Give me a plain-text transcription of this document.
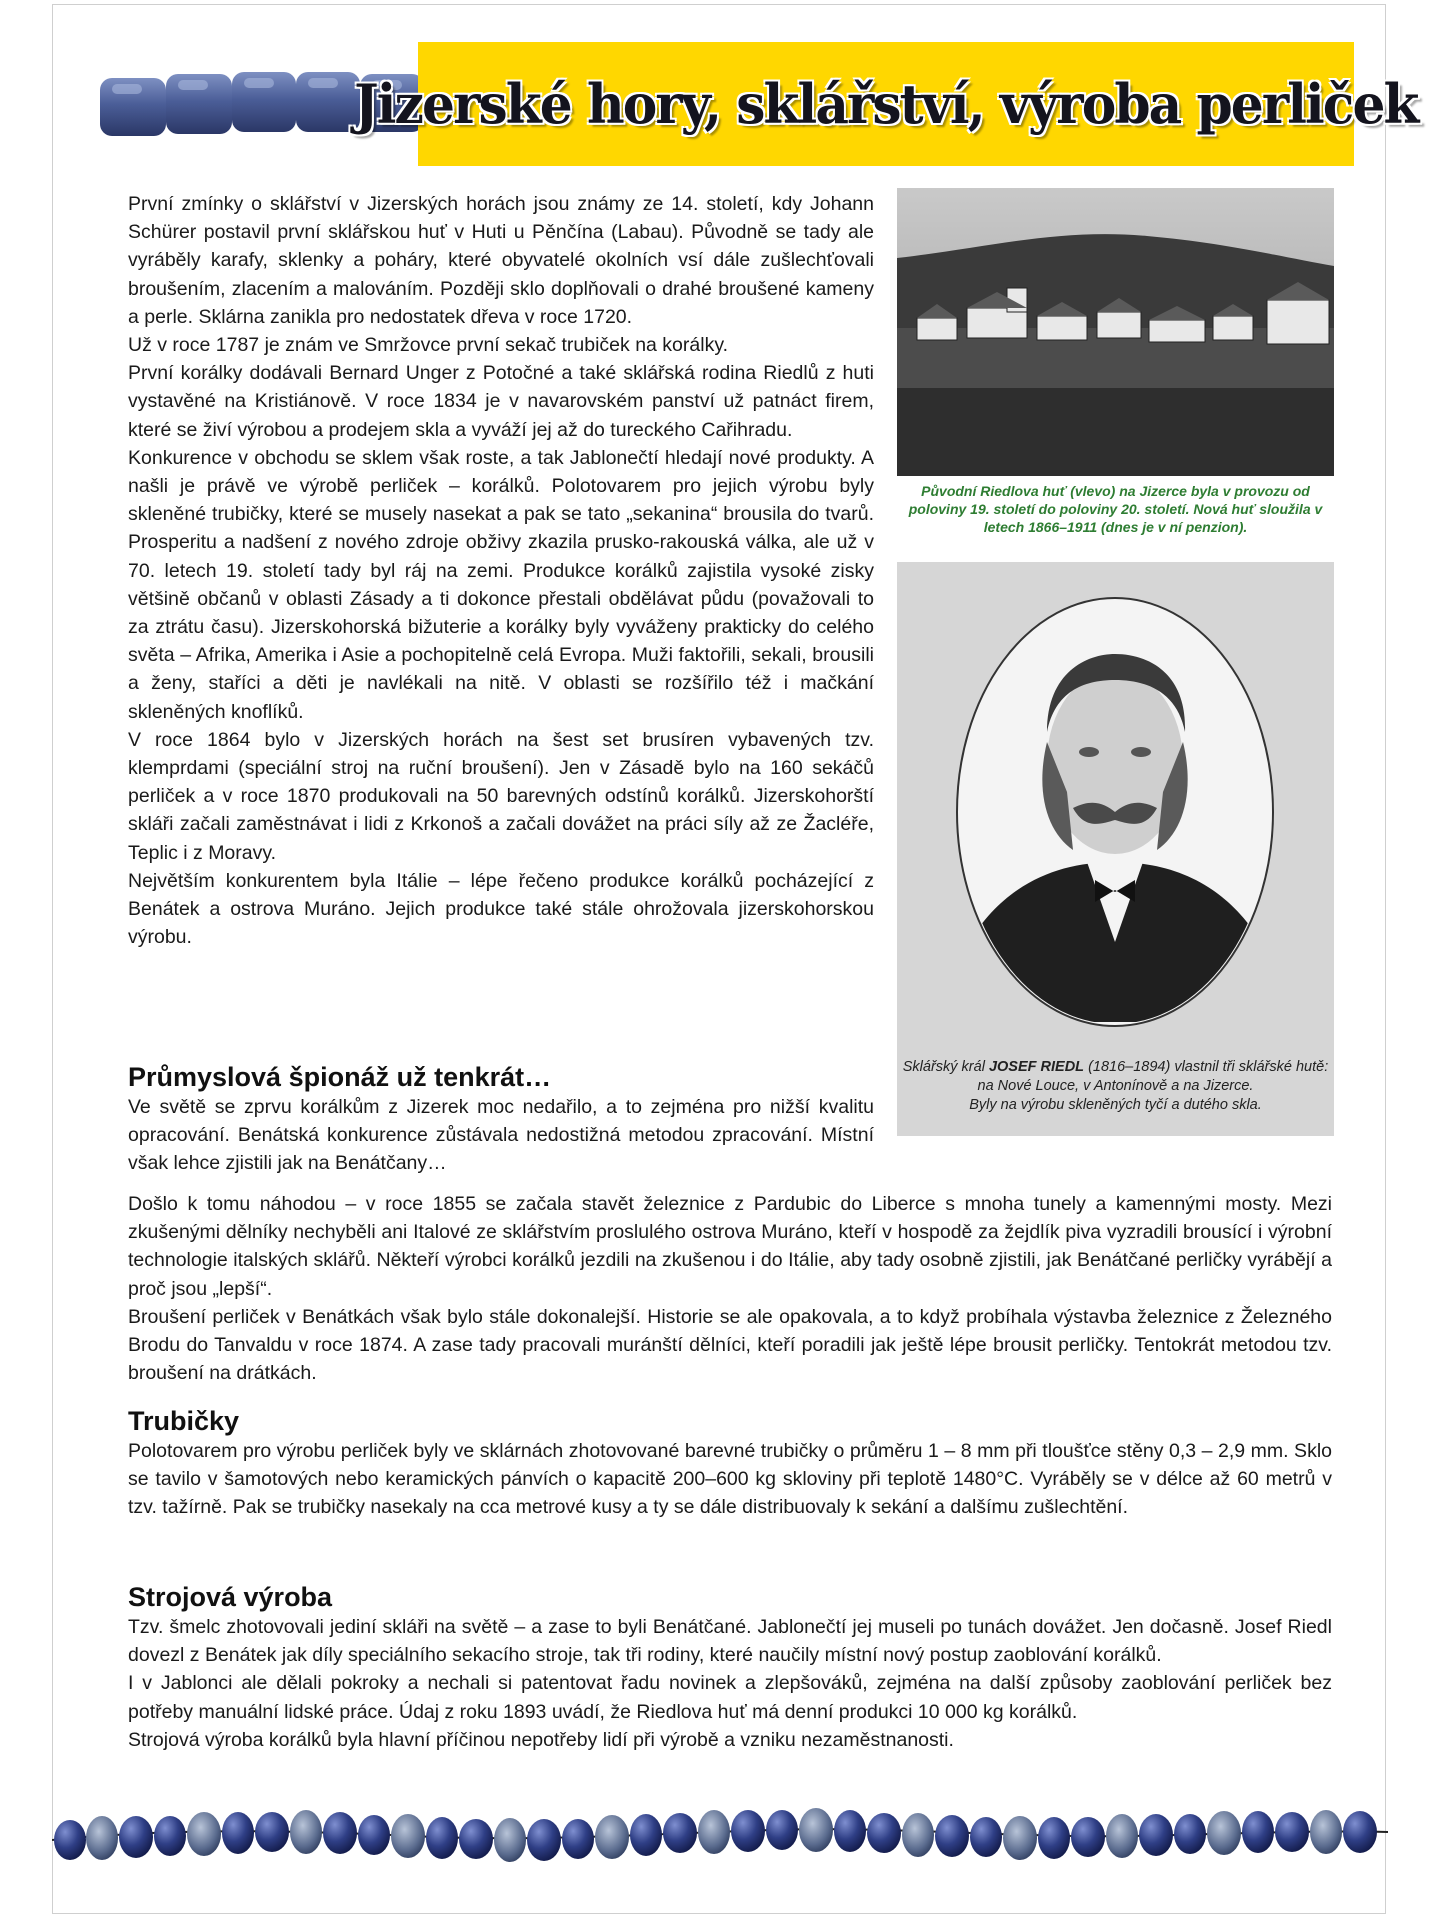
Jizerské hory, sklářství, výroba perliček

První zmínky o sklářství v Jizerských horách jsou známy ze 14. století, kdy Johann Schürer postavil první sklářskou huť v Huti u Pěnčína (Labau). Původně se tady ale vyráběly karafy, sklenky a poháry, které obyvatelé okolních vsí dále zušlechťovali broušením, zlacením a malováním. Později sklo doplňovali o drahé broušené kameny a perle. Sklárna zanikla pro nedostatek dřeva v roce 1720.

Už v roce 1787 je znám ve Smržovce první sekač trubiček na korálky.

První korálky dodávali Bernard Unger z Potočné a také sklářská rodina Riedlů z huti vystavěné na Kristiánově. V roce 1834 je v navarovském panství už patnáct firem, které se živí výrobou a prodejem skla a vyváží jej až do tureckého Cařihradu.

Konkurence v obchodu se sklem však roste, a tak Jablonečtí hledají nové produkty. A našli je právě ve výrobě perliček – korálků. Polotovarem pro jejich výrobu byly skleněné trubičky, které se musely nasekat a pak se tato „sekanina“ brousila do tvarů. Prosperitu a nadšení z nového zdroje obživy zkazila prusko-rakouská válka, ale už v 70. letech 19. století tady byl ráj na zemi. Produkce korálků zajistila vysoké zisky většině občanů v oblasti Zásady a ti dokonce přestali obdělávat půdu (považovali to za ztrátu času). Jizerskohorská bižuterie a korálky byly vyváženy prakticky do celého světa – Afrika, Amerika i Asie a pochopitelně celá Evropa. Muži faktořili, sekali, brousili a ženy, staříci a děti je navlékali na nitě. V oblasti se rozšířilo též i mačkání skleněných knoflíků.

V roce 1864 bylo v Jizerských horách na šest set brusíren vybavených tzv. klemprdami (speciální stroj na ruční broušení). Jen v Zásadě bylo na 160 sekáčů perliček a v roce 1870 produkovali na 50 barevných odstínů korálků. Jizerskohorští skláři začali zaměstnávat i lidi z Krkonoš a začali dovážet na práci síly až ze Žacléře, Teplic i z Moravy.

Největším konkurentem byla Itálie – lépe řečeno produkce korálků pocházející z Benátek a ostrova Muráno. Jejich produkce také stále ohrožovala jizerskohorskou výrobu.

Průmyslová špionáž už tenkrát…

Ve světě se zprvu korálkům z Jizerek moc nedařilo, a to zejména pro nižší kvalitu opracování. Benátská konkurence zůstávala nedostižná metodou zpracování. Místní však lehce zjistili jak na Benátčany…

Došlo k tomu náhodou – v roce 1855 se začala stavět železnice z Pardubic do Liberce s mnoha tunely a kamennými mosty. Mezi zkušenými dělníky nechyběli ani Italové ze sklářstvím proslulého ostrova Muráno, kteří v hospodě za žejdlík piva vyzradili brousící i výrobní technologie italských sklářů. Někteří výrobci korálků jezdili na zkušenou i do Itálie, aby tady osobně zjistili, jak Benátčané perličky vyrábějí a proč jsou „lepší“.

Broušení perliček v Benátkách však bylo stále dokonalejší. Historie se ale opakovala, a to když probíhala výstavba železnice z Železného Brodu do Tanvaldu v roce 1874. A zase tady pracovali muránští dělníci, kteří poradili jak ještě lépe brousit perličky. Tentokrát metodou tzv. broušení na drátkách.

Trubičky

Polotovarem pro výrobu perliček byly ve sklárnách zhotovované barevné trubičky o průměru 1 – 8 mm při tloušťce stěny 0,3 – 2,9 mm. Sklo se tavilo v šamotových nebo keramických pánvích o kapacitě 200–600 kg skloviny při teplotě 1480°C. Vyráběly se v délce až 60 metrů v tzv. tažírně. Pak se trubičky nasekaly na cca metrové kusy a ty se dále distribuovaly k sekání a dalšímu zušlechtění.

Strojová výroba

Tzv. šmelc zhotovovali jediní skláři na světě – a zase to byli Benátčané. Jablonečtí jej museli po tunách dovážet. Jen dočasně. Josef Riedl dovezl z Benátek jak díly speciálního sekacího stroje, tak tři rodiny, které naučily místní nový postup zaoblování korálků.

I v Jablonci ale dělali pokroky a nechali si patentovat řadu novinek a zlepšováků, zejména na další způsoby zaoblování perliček bez potřeby manuální lidské práce. Údaj z roku 1893 uvádí, že Riedlova huť má denní produkci 10 000 kg korálků.

Strojová výroba korálků byla hlavní příčinou nepotřeby lidí při výrobě a vzniku nezaměstnanosti.

Původní Riedlova huť (vlevo) na Jizerce byla v provozu od poloviny 19. století do poloviny 20. století. Nová huť sloužila v letech 1866–1911 (dnes je v ní penzion).
Sklářský král JOSEF RIEDL (1816–1894) vlastnil tři sklářské hutě: na Nové Louce, v Antonínově a na Jizerce.
Byly na výrobu skleněných tyčí a dutého skla.
